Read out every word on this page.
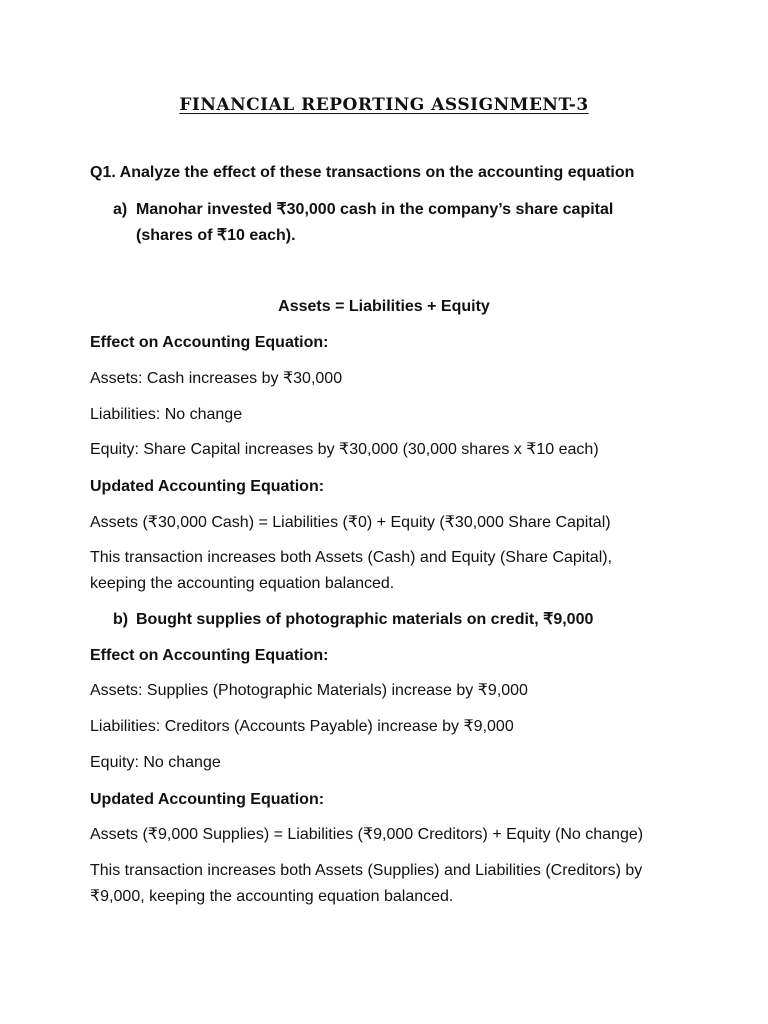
FINANCIAL REPORTING ASSIGNMENT-3
Q1. Analyze the effect of these transactions on the accounting equation
a) Manohar invested ₹30,000 cash in the company’s share capital
(shares of ₹10 each).
Assets = Liabilities + Equity
Effect on Accounting Equation:
Assets: Cash increases by ₹30,000
Liabilities: No change
Equity: Share Capital increases by ₹30,000 (30,000 shares x ₹10 each)
Updated Accounting Equation:
Assets (₹30,000 Cash) = Liabilities (₹0) + Equity (₹30,000 Share Capital)
This transaction increases both Assets (Cash) and Equity (Share Capital),
keeping the accounting equation balanced.
b) Bought supplies of photographic materials on credit, ₹9,000
Effect on Accounting Equation:
Assets: Supplies (Photographic Materials) increase by ₹9,000
Liabilities: Creditors (Accounts Payable) increase by ₹9,000
Equity: No change
Updated Accounting Equation:
Assets (₹9,000 Supplies) = Liabilities (₹9,000 Creditors) + Equity (No change)
This transaction increases both Assets (Supplies) and Liabilities (Creditors) by
₹9,000, keeping the accounting equation balanced.
